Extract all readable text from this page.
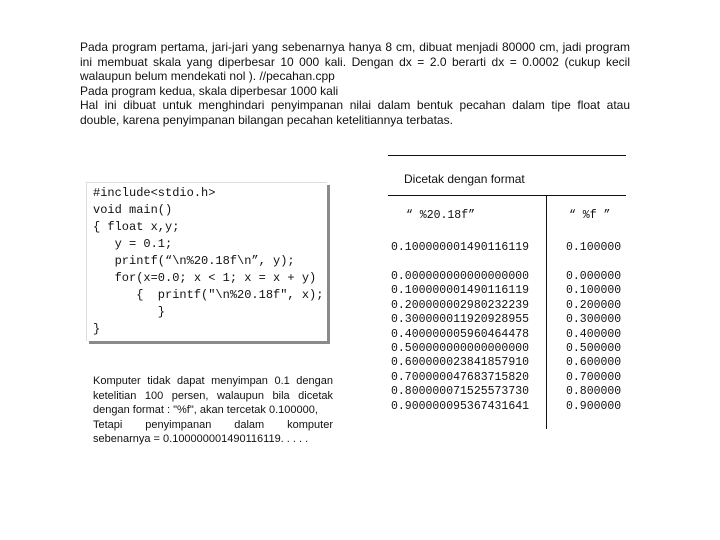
Pada program pertama, jari-jari yang sebenarnya hanya 8 cm, dibuat menjadi 80000 cm, jadi program ini membuat skala yang diperbesar 10 000 kali. Dengan dx = 2.0 berarti dx = 0.0002 (cukup kecil walaupun belum mendekati nol ). //pecahan.cpp

Pada program kedua, skala diperbesar 1000 kali

Hal ini dibuat untuk menghindari penyimpanan nilai dalam bentuk pecahan dalam tipe float atau double, karena penyimpanan bilangan pecahan ketelitiannya terbatas.

#include<stdio.h>
void main()
{ float x,y;
y = 0.1;
printf(“\n%20.18f\n”, y);
for(x=0.0; x < 1; x = x + y)
{  printf("\n%20.18f", x);
}
}

Komputer tidak dapat menyimpan 0.1 dengan ketelitian 100 persen, walaupun bila dicetak dengan format : "%f", akan tercetak 0.100000,

Tetapi penyimpanan dalam komputer sebenarnya = 0.100000001490116119. . . . .

Dicetak dengan format
“ %20.18f”	“ %f ”
0.100000001490116119	0.100000
0.000000000000000000
0.100000001490116119
0.200000002980232239
0.300000011920928955
0.400000005960464478
0.500000000000000000
0.600000023841857910
0.700000047683715820
0.800000071525573730
0.900000095367431641
0.000000
0.100000
0.200000
0.300000
0.400000
0.500000
0.600000
0.700000
0.800000
0.900000
